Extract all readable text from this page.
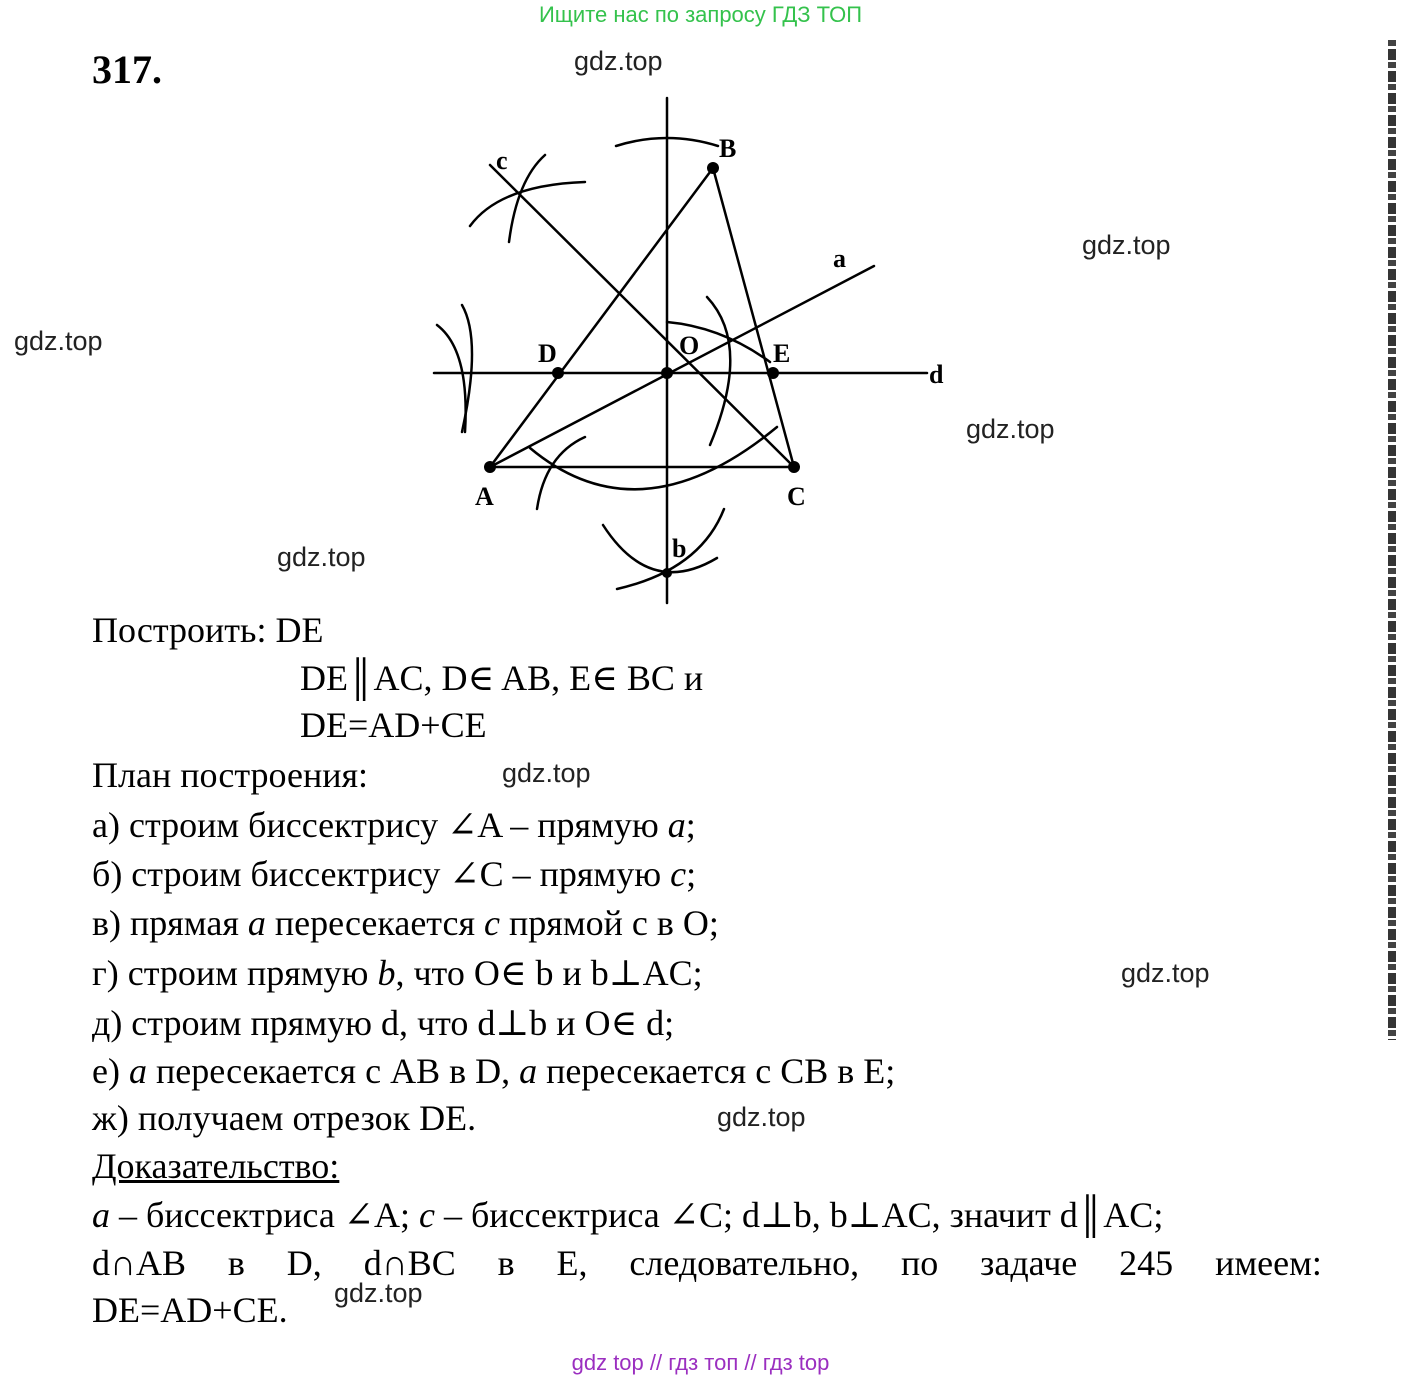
Ищите нас по запросу ГДЗ ТОП
317.	gdz.top
gdz.top
gdz.top
gdz.top
gdz.top
gdz.top
gdz.top
gdz.top
gdz.top
A
B
C
D	E
O
a
b
c
d
Построить: DE
DE║AC, D∈ AB, E∈ BC и
DE=AD+CE
План построения:
а) строим биссектрису ∠A – прямую a;
б) строим биссектрису ∠C – прямую c;
в) прямая a пересекается c прямой с в O;
г) строим прямую b, что O∈ b и b⊥AC;
д) строим прямую d, что d⊥b и O∈ d;
е) a пересекается с AB в D, a пересекается с CB в E;
ж) получаем отрезок DE.
Доказательство:
a – биссектриса ∠A; c – биссектриса ∠C; d⊥b, b⊥AC, значит d║AC;
d∩AB в D, d∩BC в E, следовательно, по задаче 245 имеем:
DE=AD+CE.
gdz top // гдз топ // гдз top
